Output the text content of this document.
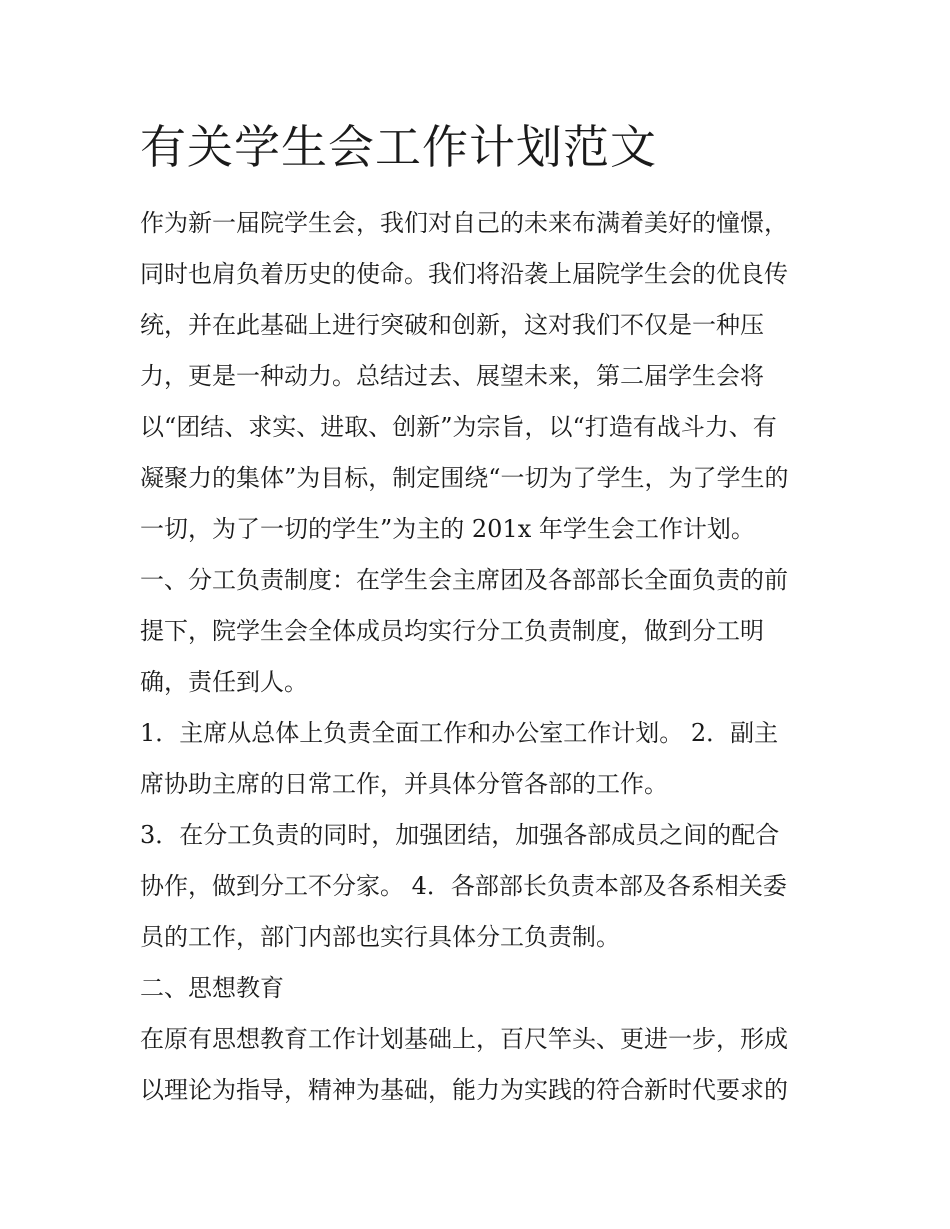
有关学生会工作计划范文

作为新一届院学生会，我们对自己的未来布满着美好的憧憬，

同时也肩负着历史的使命。我们将沿袭上届院学生会的优良传

统，并在此基础上进行突破和创新，这对我们不仅是一种压

力，更是一种动力。总结过去、展望未来，第二届学生会将

以“团结、求实、进取、创新”为宗旨，以“打造有战斗力、有

凝聚力的集体”为目标，制定围绕“一切为了学生，为了学生的

一切，为了一切的学生”为主的 201x 年学生会工作计划。

一、分工负责制度：在学生会主席团及各部部长全面负责的前

提下，院学生会全体成员均实行分工负责制度，做到分工明

确，责任到人。

1．主席从总体上负责全面工作和办公室工作计划。 2．副主

席协助主席的日常工作，并具体分管各部的工作。

3．在分工负责的同时，加强团结，加强各部成员之间的配合

协作，做到分工不分家。 4．各部部长负责本部及各系相关委

员的工作，部门内部也实行具体分工负责制。

二、思想教育

在原有思想教育工作计划基础上，百尺竿头、更进一步，形成

以理论为指导，精神为基础，能力为实践的符合新时代要求的
